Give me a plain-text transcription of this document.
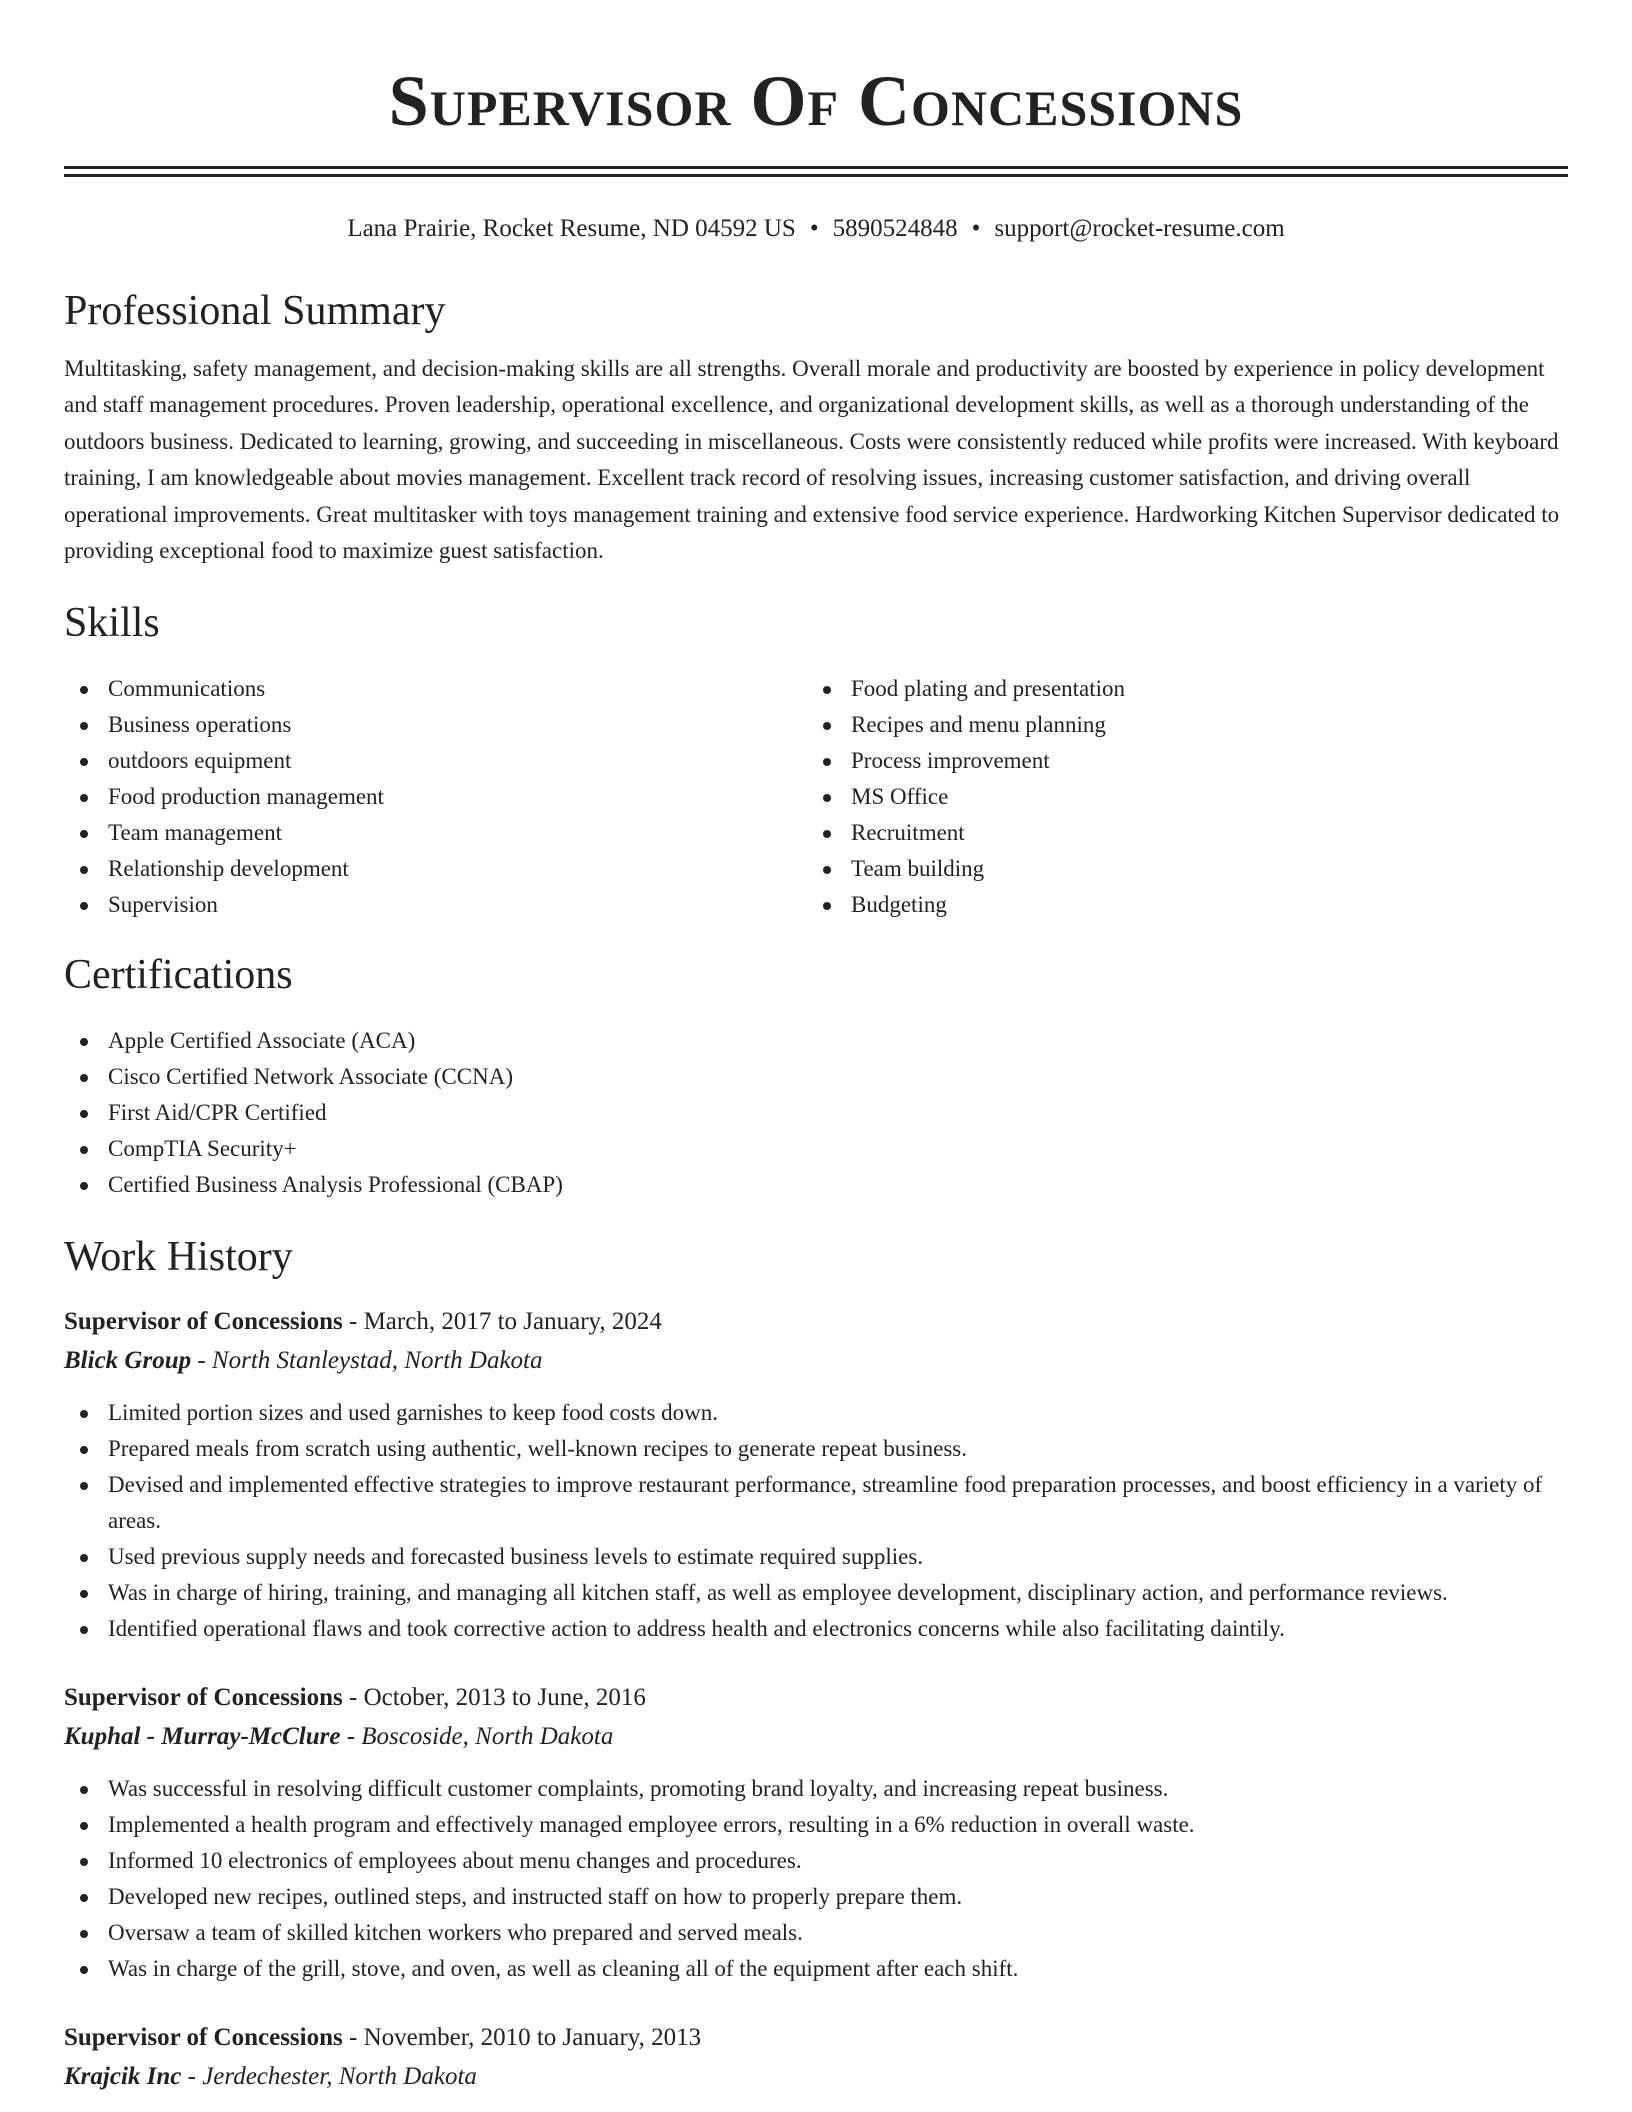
Supervisor Of Concessions
Lana Prairie, Rocket Resume, ND 04592 US • 5890524848 • support@rocket-resume.com
Professional Summary
Multitasking, safety management, and decision-making skills are all strengths. Overall morale and productivity are boosted by experience in policy development and staff management procedures. Proven leadership, operational excellence, and organizational development skills, as well as a thorough understanding of the outdoors business. Dedicated to learning, growing, and succeeding in miscellaneous. Costs were consistently reduced while profits were increased. With keyboard training, I am knowledgeable about movies management. Excellent track record of resolving issues, increasing customer satisfaction, and driving overall operational improvements. Great multitasker with toys management training and extensive food service experience. Hardworking Kitchen Supervisor dedicated to providing exceptional food to maximize guest satisfaction.
Skills
Communications
Business operations
outdoors equipment
Food production management
Team management
Relationship development
Supervision
Food plating and presentation
Recipes and menu planning
Process improvement
MS Office
Recruitment
Team building
Budgeting
Certifications
Apple Certified Associate (ACA)
Cisco Certified Network Associate (CCNA)
First Aid/CPR Certified
CompTIA Security+
Certified Business Analysis Professional (CBAP)
Work History
Supervisor of Concessions - March, 2017 to January, 2024
Blick Group - North Stanleystad, North Dakota
Limited portion sizes and used garnishes to keep food costs down.
Prepared meals from scratch using authentic, well-known recipes to generate repeat business.
Devised and implemented effective strategies to improve restaurant performance, streamline food preparation processes, and boost efficiency in a variety of areas.
Used previous supply needs and forecasted business levels to estimate required supplies.
Was in charge of hiring, training, and managing all kitchen staff, as well as employee development, disciplinary action, and performance reviews.
Identified operational flaws and took corrective action to address health and electronics concerns while also facilitating daintily.
Supervisor of Concessions - October, 2013 to June, 2016
Kuphal - Murray-McClure - Boscoside, North Dakota
Was successful in resolving difficult customer complaints, promoting brand loyalty, and increasing repeat business.
Implemented a health program and effectively managed employee errors, resulting in a 6% reduction in overall waste.
Informed 10 electronics of employees about menu changes and procedures.
Developed new recipes, outlined steps, and instructed staff on how to properly prepare them.
Oversaw a team of skilled kitchen workers who prepared and served meals.
Was in charge of the grill, stove, and oven, as well as cleaning all of the equipment after each shift.
Supervisor of Concessions - November, 2010 to January, 2013
Krajcik Inc - Jerdechester, North Dakota
